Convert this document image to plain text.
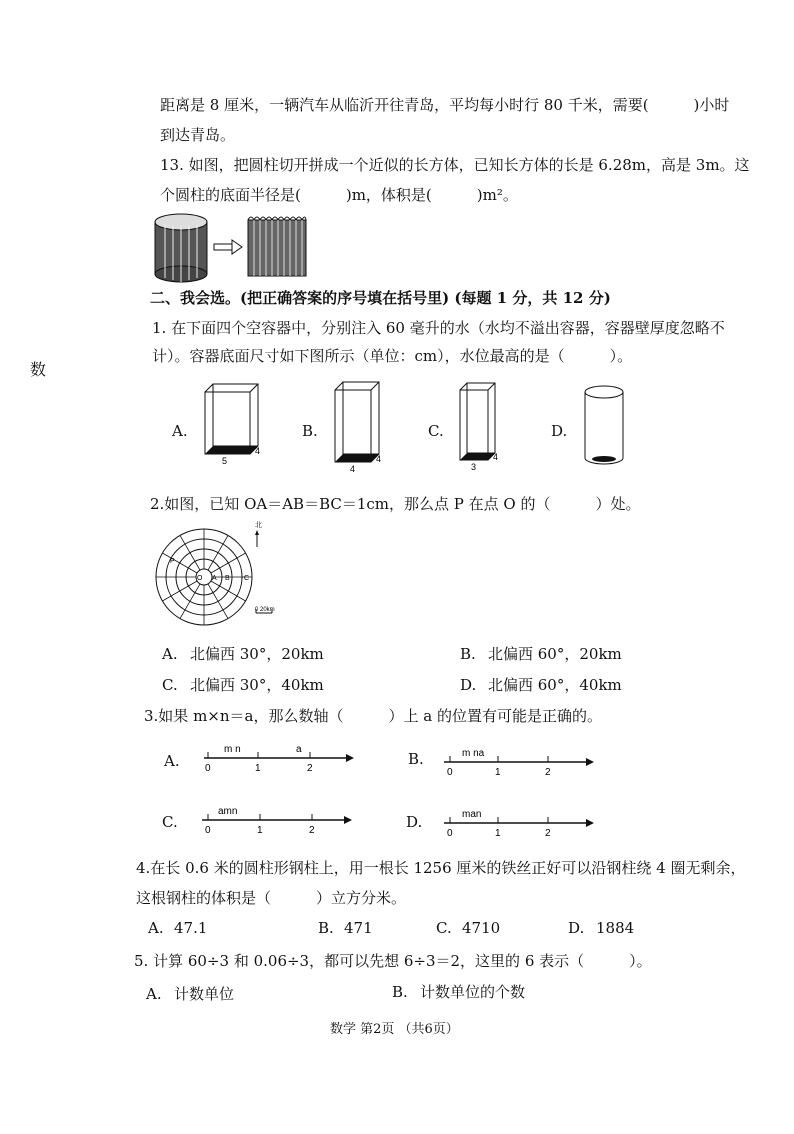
距离是 8 厘米，一辆汽车从临沂开往青岛，平均每小时行 80 千米，需要(　　　)小时
到达青岛。
13. 如图，把圆柱切开拼成一个近似的长方体，已知长方体的长是 6.28m，高是 3m。这
个圆柱的底面半径是(　　　)m，体积是(　　　)m²。
数
二、我会选。(把正确答案的序号填在括号里) (每题 1 分，共 12 分)
1. 在下面四个空容器中，分别注入 60 毫升的水（水均不溢出容器，容器壁厚度忽略不
计）。容器底面尺寸如下图所示（单位：cm），水位最高的是（　　　）。
A.
5
4
B.
4
4
C.
3
4
D.
2.如图，已知 OA＝AB＝BC＝1cm，那么点 P 在点 O 的（　　　）处。
P
O A B C
北
0 20km
A. 北偏西 30°，20km	B. 北偏西 60°，20km
C. 北偏西 30°，40km	D. 北偏西 60°，40km
3.如果 m×n＝a，那么数轴（　　　）上 a 的位置有可能是正确的。
A.
m n	a
0	1	2
B.	m na
0	1	2
C.
amn
0	1	2	D.	man
0	1	2
4.在长 0.6 米的圆柱形钢柱上，用一根长 1256 厘米的铁丝正好可以沿钢柱绕 4 圈无剩余，
这根钢柱的体积是（　　　）立方分米。
A. 47.1	B. 471	C. 4710	D. 1884
5. 计算 60÷3 和 0.06÷3，都可以先想 6÷3＝2，这里的 6 表示（　　　）。
A. 计数单位	B. 计数单位的个数
数学 第2页 （共6页）
